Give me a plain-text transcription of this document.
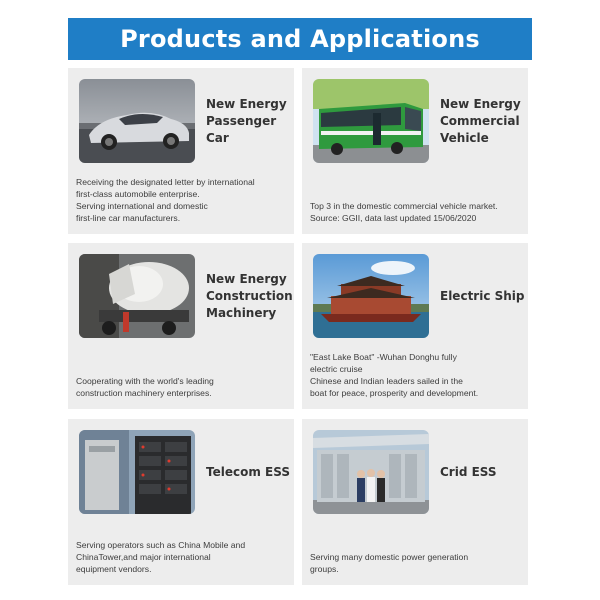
Products and Applications
New Energy
Passenger Car
Receiving the designated letter by international
first-class automobile enterprise.
Serving international and domestic
first-line car manufacturers.
New Energy
Commercial
Vehicle
Top 3 in the domestic commercial vehicle market.
Source: GGII, data last updated 15/06/2020
New Energy
Construction
Machinery
Cooperating with the world's leading
construction machinery enterprises.
Electric Ship
"East Lake Boat" -Wuhan Donghu fully
electric cruise
Chinese and Indian leaders sailed in the
boat for peace, prosperity and development.
Telecom ESS
Serving operators such as China Mobile and
ChinaTower,and major international
equipment vendors.
Crid ESS
Serving many domestic power generation
groups.
